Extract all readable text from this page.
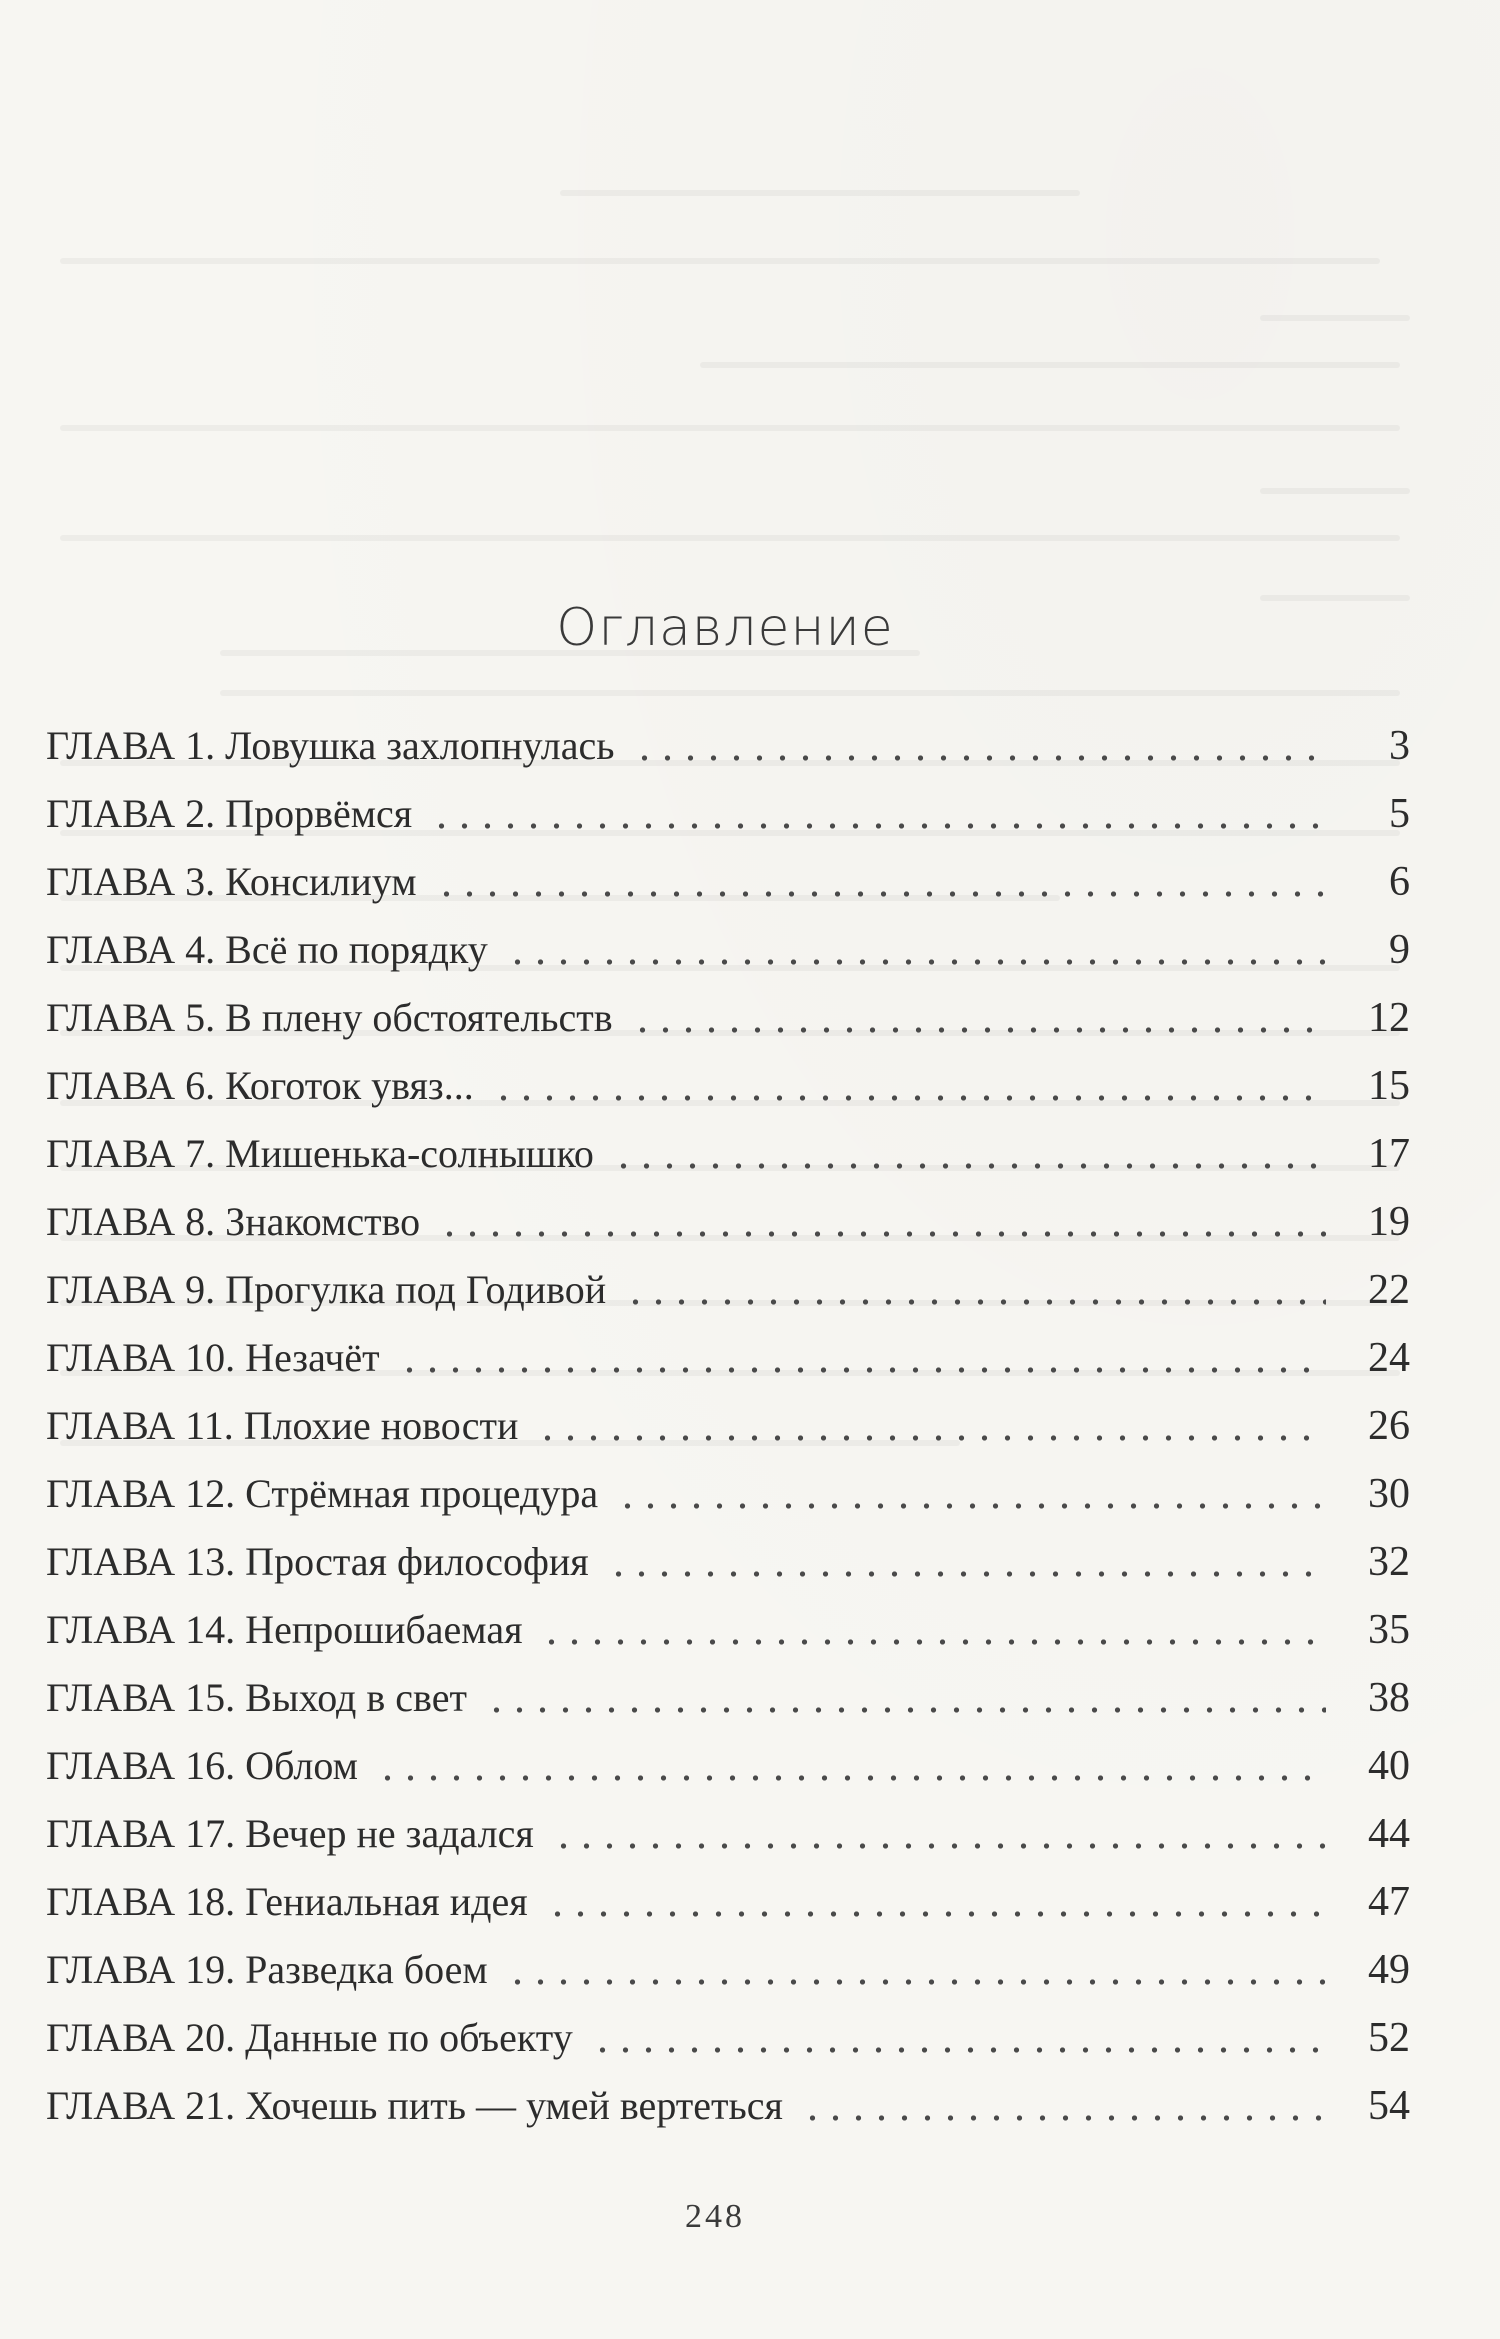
Оглавление
ГЛАВА 1. Ловушка захлопнулась	3
ГЛАВА 2. Прорвёмся	5
ГЛАВА 3. Консилиум	6
ГЛАВА 4. Всё по порядку	9
ГЛАВА 5. В плену обстоятельств	12
ГЛАВА 6. Коготок увяз...	15
ГЛАВА 7. Мишенька-солнышко	17
ГЛАВА 8. Знакомство	19
ГЛАВА 9. Прогулка под Годивой	22
ГЛАВА 10. Незачёт	24
ГЛАВА 11. Плохие новости	26
ГЛАВА 12. Стрёмная процедура	30
ГЛАВА 13. Простая философия	32
ГЛАВА 14. Непрошибаемая	35
ГЛАВА 15. Выход в свет	38
ГЛАВА 16. Облом	40
ГЛАВА 17. Вечер не задался	44
ГЛАВА 18. Гениальная идея	47
ГЛАВА 19. Разведка боем	49
ГЛАВА 20. Данные по объекту	52
ГЛАВА 21. Хочешь пить — умей вертеться	54
248
